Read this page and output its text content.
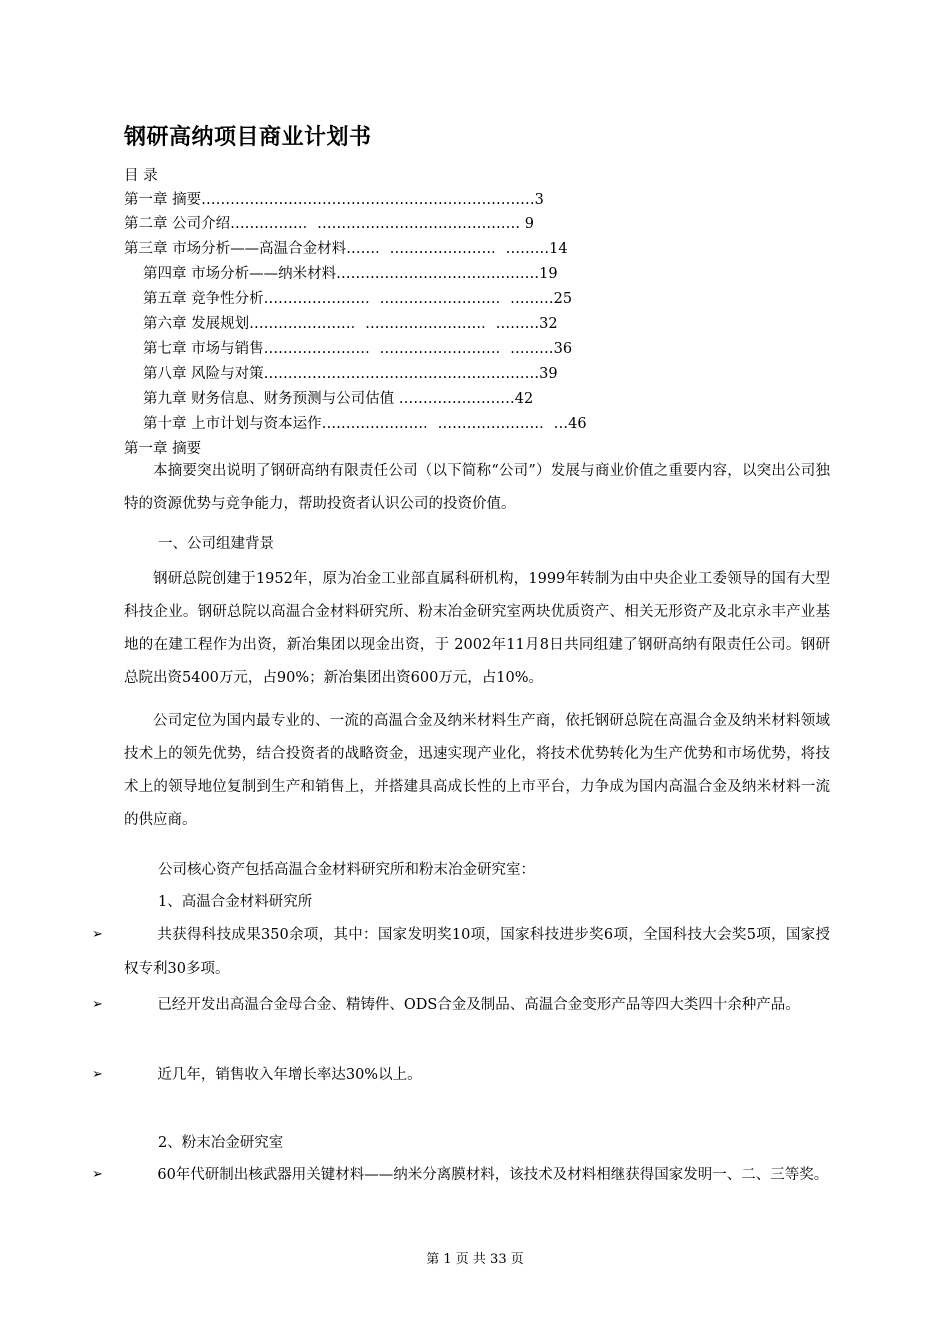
钢研高纳项目商业计划书
目 录
第一章 摘要……………………………………………………………3
第二章 公司介绍……………．…………………………………… 9
第三章 市场分析——高温合金材料……．…………………．………14
第四章 市场分析——纳米材料……………………………………19
第五章 竞争性分析…………………．……………………．………25
第六章 发展规划…………………．……………………．………32
第七章 市场与销售…………………．……………………．………36
第八章 风险与对策…………………………………………………39
第九章 财务信息、财务预测与公司估值 ……………………42
第十章 上市计划与资本运作…………………．…………………．…46
第一章 摘要
本摘要突出说明了钢研高纳有限责任公司（以下简称“公司”）发展与商业价值之重要内容，以突出公司独特的资源优势与竞争能力，帮助投资者认识公司的投资价值。
一、公司组建背景
钢研总院创建于1952年，原为冶金工业部直属科研机构，1999年转制为由中央企业工委领导的国有大型科技企业。钢研总院以高温合金材料研究所、粉末冶金研究室两块优质资产、相关无形资产及北京永丰产业基地的在建工程作为出资，新冶集团以现金出资，于 2002年11月8日共同组建了钢研高纳有限责任公司。钢研总院出资5400万元，占90%；新冶集团出资600万元，占10%。
公司定位为国内最专业的、一流的高温合金及纳米材料生产商，依托钢研总院在高温合金及纳米材料领域技术上的领先优势，结合投资者的战略资金，迅速实现产业化，将技术优势转化为生产优势和市场优势，将技术上的领导地位复制到生产和销售上，并搭建具高成长性的上市平台，力争成为国内高温合金及纳米材料一流的供应商。
公司核心资产包括高温合金材料研究所和粉末冶金研究室：
1、高温合金材料研究所
➢	共获得科技成果350余项，其中：国家发明奖10项，国家科技进步奖6项，全国科技大会奖5项，国家授权专利30多项。
➢	已经开发出高温合金母合金、精铸件、ODS合金及制品、高温合金变形产品等四大类四十余种产品。
➢	近几年，销售收入年增长率达30%以上。
2、粉末冶金研究室
➢	60年代研制出核武器用关键材料——纳米分离膜材料，该技术及材料相继获得国家发明一、二、三等奖。
第 1 页 共 33 页
